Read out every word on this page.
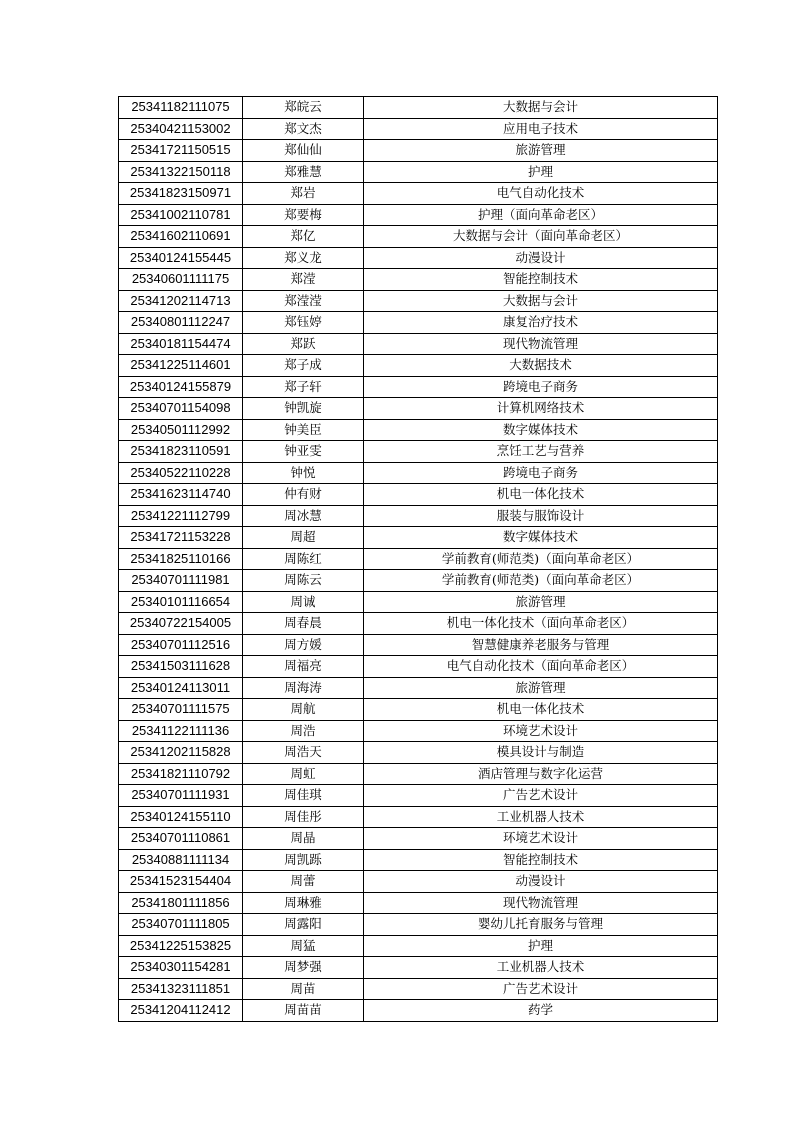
25341182111075	郑皖云	大数据与会计
25340421153002	郑文杰	应用电子技术
25341721150515	郑仙仙	旅游管理
25341322150118	郑雅慧	护理
25341823150971	郑岩	电气自动化技术
25341002110781	郑要梅	护理（面向革命老区）
25341602110691	郑亿	大数据与会计（面向革命老区）
25340124155445	郑义龙	动漫设计
25340601111175	郑滢	智能控制技术
25341202114713	郑滢滢	大数据与会计
25340801112247	郑钰婷	康复治疗技术
25340181154474	郑跃	现代物流管理
25341225114601	郑子成	大数据技术
25340124155879	郑子轩	跨境电子商务
25340701154098	钟凯旋	计算机网络技术
25340501112992	钟美臣	数字媒体技术
25341823110591	钟亚雯	烹饪工艺与营养
25340522110228	钟悦	跨境电子商务
25341623114740	仲有财	机电一体化技术
25341221112799	周冰慧	服装与服饰设计
25341721153228	周超	数字媒体技术
25341825110166	周陈红	学前教育(师范类)（面向革命老区）
25340701111981	周陈云	学前教育(师范类)（面向革命老区）
25340101116654	周诚	旅游管理
25340722154005	周春晨	机电一体化技术（面向革命老区）
25340701112516	周方媛	智慧健康养老服务与管理
25341503111628	周福亮	电气自动化技术（面向革命老区）
25340124113011	周海涛	旅游管理
25340701111575	周航	机电一体化技术
25341122111136	周浩	环境艺术设计
25341202115828	周浩天	模具设计与制造
25341821110792	周虹	酒店管理与数字化运营
25340701111931	周佳琪	广告艺术设计
25340124155110	周佳彤	工业机器人技术
25340701110861	周晶	环境艺术设计
25340881111134	周凯跞	智能控制技术
25341523154404	周蕾	动漫设计
25341801111856	周琳雅	现代物流管理
25340701111805	周露阳	婴幼儿托育服务与管理
25341225153825	周猛	护理
25340301154281	周梦强	工业机器人技术
25341323111851	周苗	广告艺术设计
25341204112412	周苗苗	药学
